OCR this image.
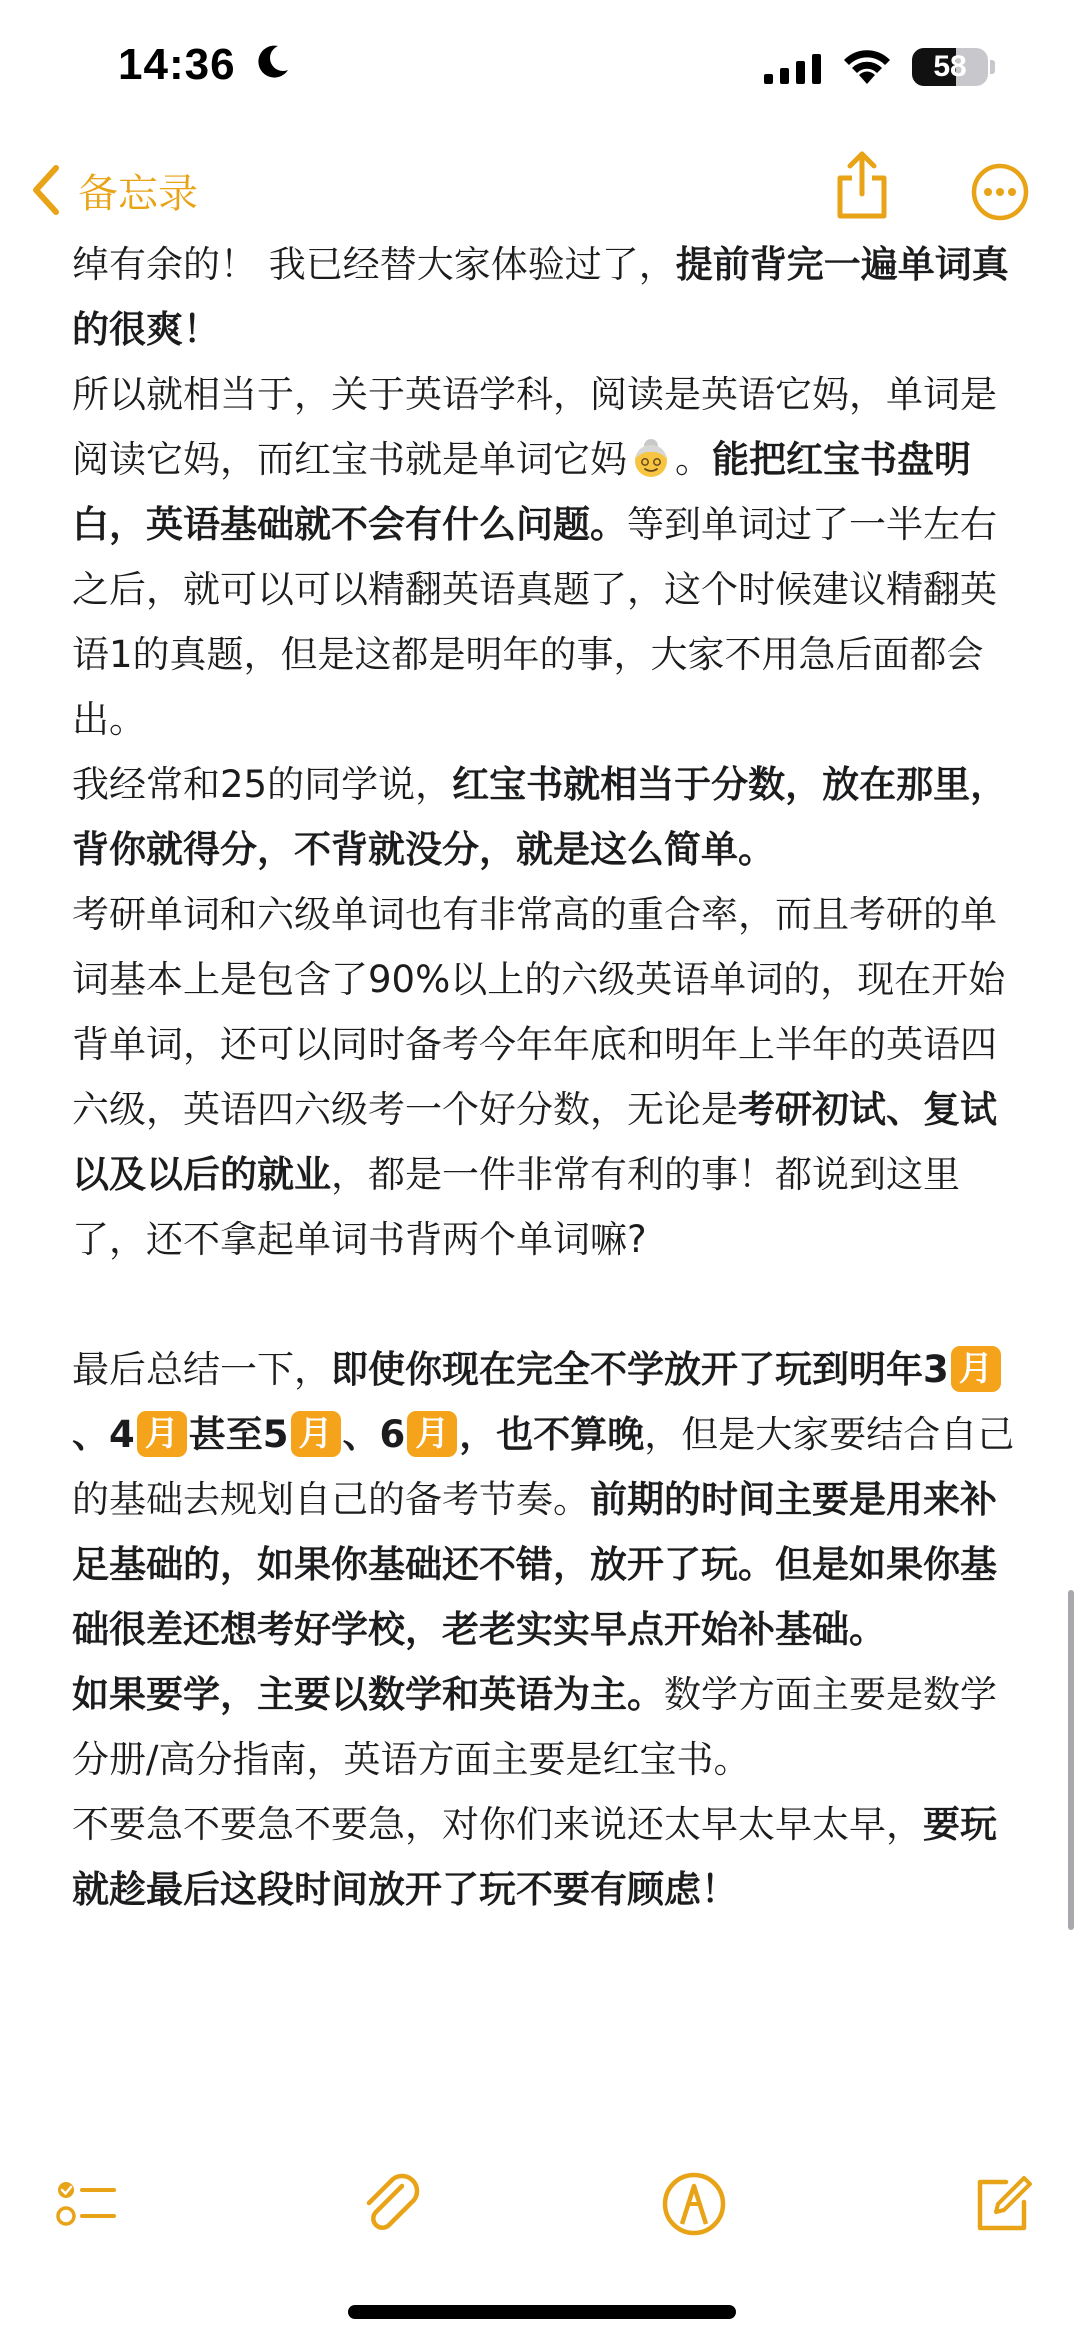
14:36	58
备忘录

绰有余的！ 我已经替大家体验过了，提前背完一遍单词真的很爽！

所以就相当于，关于英语学科，阅读是英语它妈，单词是阅读它妈，而红宝书就是单词它妈 。能把红宝书盘明白，英语基础就不会有什么问题。等到单词过了一半左右之后，就可以可以精翻英语真题了，这个时候建议精翻英语1的真题，但是这都是明年的事，大家不用急后面都会出。

我经常和25的同学说，红宝书就相当于分数，放在那里，背你就得分，不背就没分，就是这么简单。

考研单词和六级单词也有非常高的重合率，而且考研的单词基本上是包含了90%以上的六级英语单词的，现在开始背单词，还可以同时备考今年年底和明年上半年的英语四六级，英语四六级考一个好分数，无论是考研初试、复试以及以后的就业，都是一件非常有利的事！都说到这里了，还不拿起单词书背两个单词嘛?

最后总结一下，即使你现在完全不学放开了玩到明年3 月、4 月 甚至5 月 、6 月 ，也不算晚，但是大家要结合自己的基础去规划自己的备考节奏。前期的时间主要是用来补足基础的，如果你基础还不错，放开了玩。但是如果你基础很差还想考好学校，老老实实早点开始补基础。

如果要学，主要以数学和英语为主。数学方面主要是数学分册/高分指南，英语方面主要是红宝书。

不要急不要急不要急，对你们来说还太早太早太早，要玩就趁最后这段时间放开了玩不要有顾虑！
